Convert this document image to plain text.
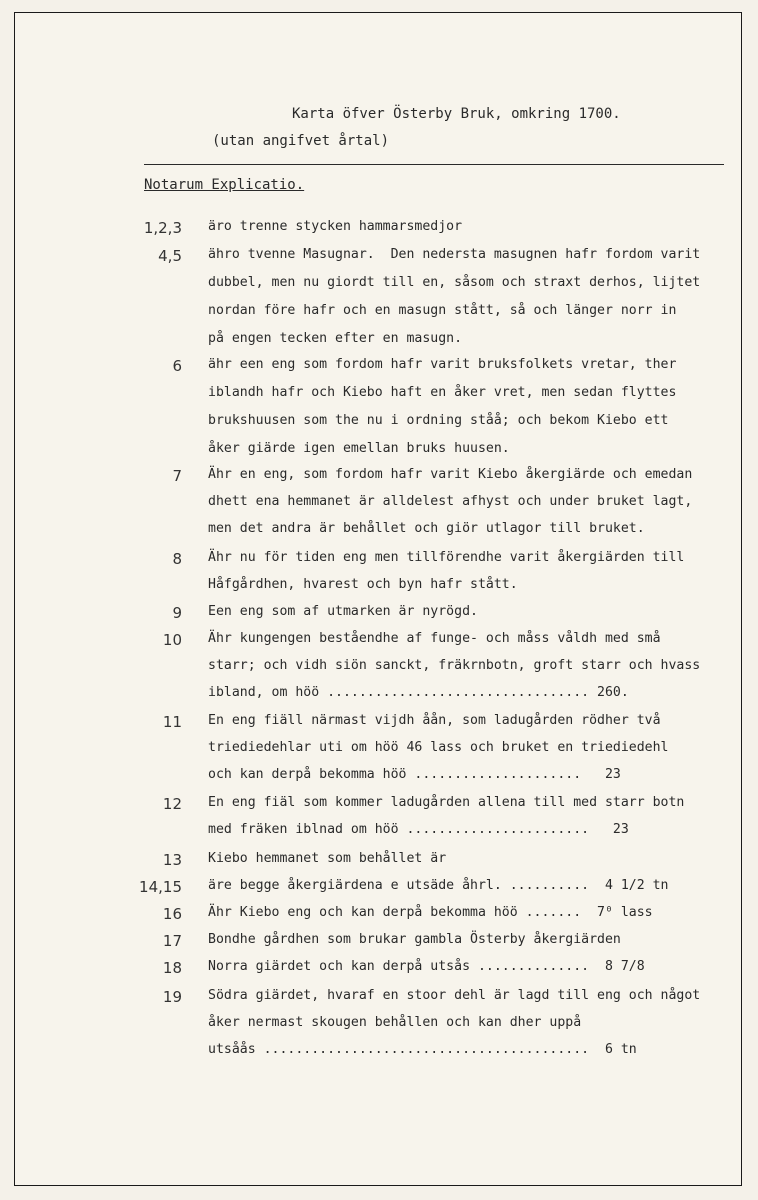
Karta öfver Österby Bruk, omkring 1700.
(utan angifvet årtal)
Notarum Explicatio.
1,2,3 äro trenne stycken hammarsmedjor
4,5 ähro tvenne Masugnar.  Den nedersta masugnen hafr fordom varit
dubbel, men nu giordt till en, såsom och straxt derhos, lijtet
nordan före hafr och en masugn stått, så och länger norr in
på engen tecken efter en masugn.
6 ähr een eng som fordom hafr varit bruksfolkets vretar, ther
iblandh hafr och Kiebo haft en åker vret, men sedan flyttes
brukshuusen som the nu i ordning ståå; och bekom Kiebo ett
åker giärde igen emellan bruks huusen.
7 Ähr en eng, som fordom hafr varit Kiebo åkergiärde och emedan
dhett ena hemmanet är alldelest afhyst och under bruket lagt,
men det andra är behållet och giör utlagor till bruket.
8 Ähr nu för tiden eng men tillförendhe varit åkergiärden till
Håfgårdhen, hvarest och byn hafr stått.
9 Een eng som af utmarken är nyrögd.
10 Ähr kungengen beståendhe af funge- och måss våldh med små
starr; och vidh siön sanckt, fräkrnbotn, groft starr och hvass
ibland, om höö ................................. 260.
11 En eng fiäll närmast vijdh åån, som ladugården rödher två
triediedehlar uti om höö 46 lass och bruket en triediedehl
och kan derpå bekomma höö .....................   23
12 En eng fiäl som kommer ladugården allena till med starr botn
med fräken iblnad om höö .......................   23
13 Kiebo hemmanet som behållet är
14,15 äre begge åkergiärdena e utsäde åhrl. ..........  4 1/2 tn
16 Ähr Kiebo eng och kan derpå bekomma höö .......  7⁰ lass
17 Bondhe gårdhen som brukar gambla Österby åkergiärden
18 Norra giärdet och kan derpå utsås ..............  8 7/8
19 Södra giärdet, hvaraf en stoor dehl är lagd till eng och något
åker nermast skougen behållen och kan dher uppå
utsåås .........................................  6 tn
